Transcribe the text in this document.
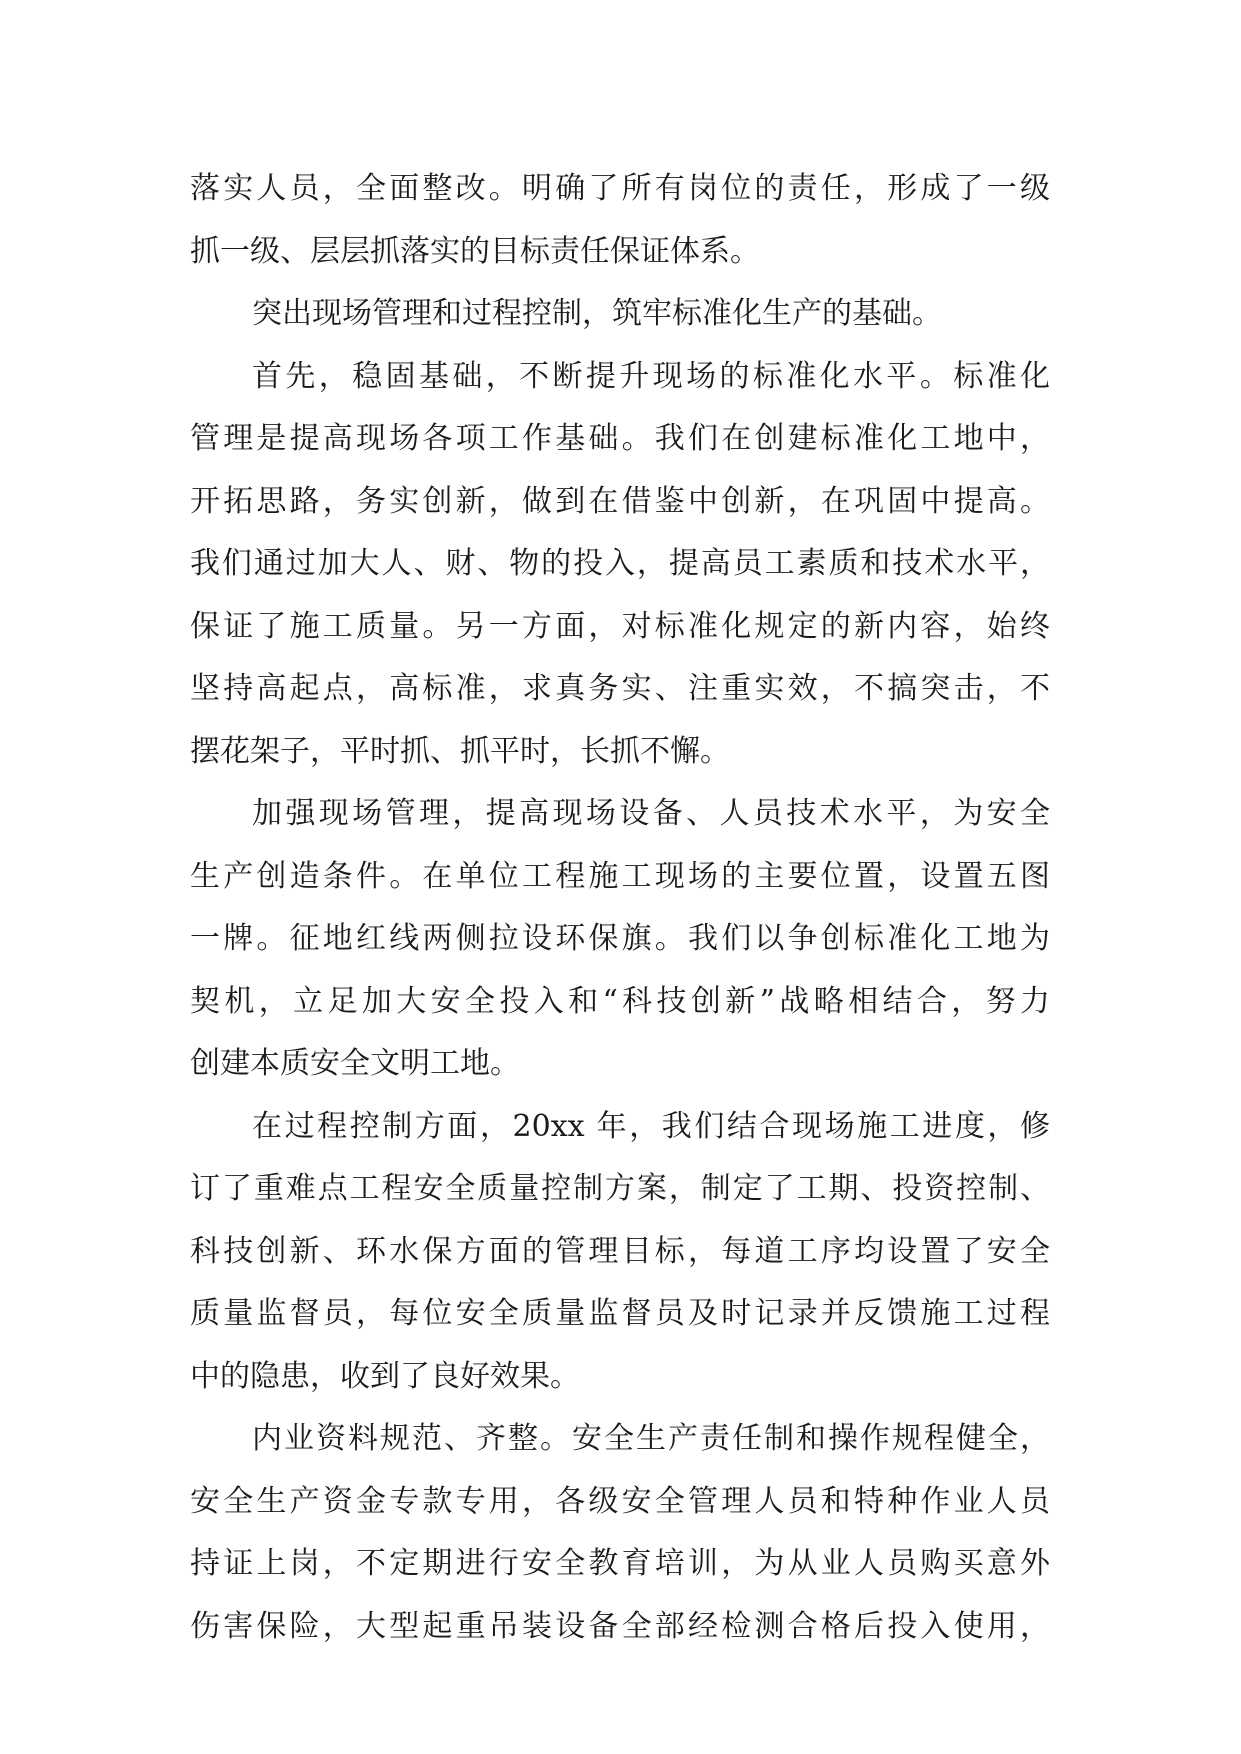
落实人员，全面整改。明确了所有岗位的责任，形成了一级
抓一级、层层抓落实的目标责任保证体系。
突出现场管理和过程控制，筑牢标准化生产的基础。
首先，稳固基础，不断提升现场的标准化水平。标准化
管理是提高现场各项工作基础。我们在创建标准化工地中，
开拓思路，务实创新，做到在借鉴中创新，在巩固中提高。
我们通过加大人、财、物的投入，提高员工素质和技术水平，
保证了施工质量。另一方面，对标准化规定的新内容，始终
坚持高起点，高标准，求真务实、注重实效，不搞突击，不
摆花架子，平时抓、抓平时，长抓不懈。
加强现场管理，提高现场设备、人员技术水平，为安全
生产创造条件。在单位工程施工现场的主要位置，设置五图
一牌。征地红线两侧拉设环保旗。我们以争创标准化工地为
契机，立足加大安全投入和“科技创新”战略相结合，努力
创建本质安全文明工地。
在过程控制方面，20xx 年，我们结合现场施工进度，修
订了重难点工程安全质量控制方案，制定了工期、投资控制、
科技创新、环水保方面的管理目标，每道工序均设置了安全
质量监督员，每位安全质量监督员及时记录并反馈施工过程
中的隐患，收到了良好效果。
内业资料规范、齐整。安全生产责任制和操作规程健全，
安全生产资金专款专用，各级安全管理人员和特种作业人员
持证上岗，不定期进行安全教育培训，为从业人员购买意外
伤害保险，大型起重吊装设备全部经检测合格后投入使用，
